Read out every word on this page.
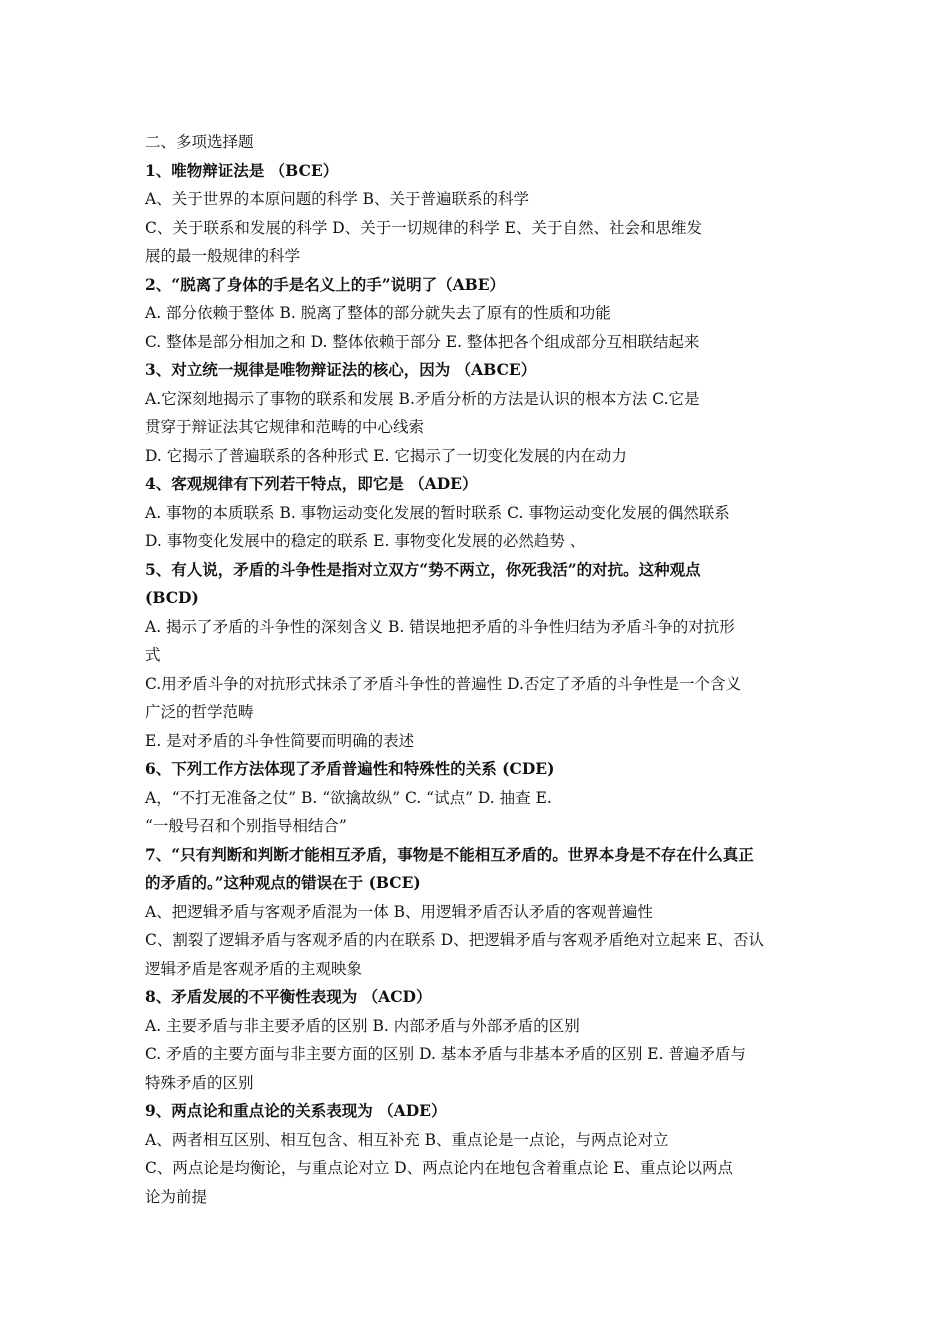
二、多项选择题
1、唯物辩证法是 （BCE）
A、关于世界的本原问题的科学 B、关于普遍联系的科学
C、关于联系和发展的科学 D、关于一切规律的科学 E、关于自然、社会和思维发
展的最一般规律的科学
2、“脱离了身体的手是名义上的手”说明了（ABE）
A. 部分依赖于整体 B. 脱离了整体的部分就失去了原有的性质和功能
C. 整体是部分相加之和 D. 整体依赖于部分 E. 整体把各个组成部分互相联结起来
3、对立统一规律是唯物辩证法的核心，因为 （ABCE）
A.它深刻地揭示了事物的联系和发展 B.矛盾分析的方法是认识的根本方法 C.它是
贯穿于辩证法其它规律和范畴的中心线索
D. 它揭示了普遍联系的各种形式 E. 它揭示了一切变化发展的内在动力
4、客观规律有下列若干特点，即它是 （ADE）
A. 事物的本质联系 B. 事物运动变化发展的暂时联系 C. 事物运动变化发展的偶然联系
D. 事物变化发展中的稳定的联系 E. 事物变化发展的必然趋势 、
5、有人说，矛盾的斗争性是指对立双方“势不两立，你死我活”的对抗。这种观点
(BCD)
A. 揭示了矛盾的斗争性的深刻含义 B. 错误地把矛盾的斗争性归结为矛盾斗争的对抗形
式
C.用矛盾斗争的对抗形式抹杀了矛盾斗争性的普遍性 D.否定了矛盾的斗争性是一个含义
广泛的哲学范畴
E. 是对矛盾的斗争性简要而明确的表述
6、下列工作方法体现了矛盾普遍性和特殊性的关系 (CDE)
A，“不打无准备之仗” B. “欲擒故纵” C. “试点” D. 抽查 E.
“一般号召和个别指导相结合”
7、“只有判断和判断才能相互矛盾，事物是不能相互矛盾的。世界本身是不存在什么真正
的矛盾的。”这种观点的错误在于 (BCE)
A、把逻辑矛盾与客观矛盾混为一体 B、用逻辑矛盾否认矛盾的客观普遍性
C、割裂了逻辑矛盾与客观矛盾的内在联系 D、把逻辑矛盾与客观矛盾绝对立起来 E、否认
逻辑矛盾是客观矛盾的主观映象
8、矛盾发展的不平衡性表现为 （ACD）
A. 主要矛盾与非主要矛盾的区别 B. 内部矛盾与外部矛盾的区别
C. 矛盾的主要方面与非主要方面的区别 D. 基本矛盾与非基本矛盾的区别 E. 普遍矛盾与
特殊矛盾的区别
9、两点论和重点论的关系表现为 （ADE）
A、两者相互区别、相互包含、相互补充 B、重点论是一点论，与两点论对立
C、两点论是均衡论，与重点论对立 D、两点论内在地包含着重点论 E、重点论以两点
论为前提
